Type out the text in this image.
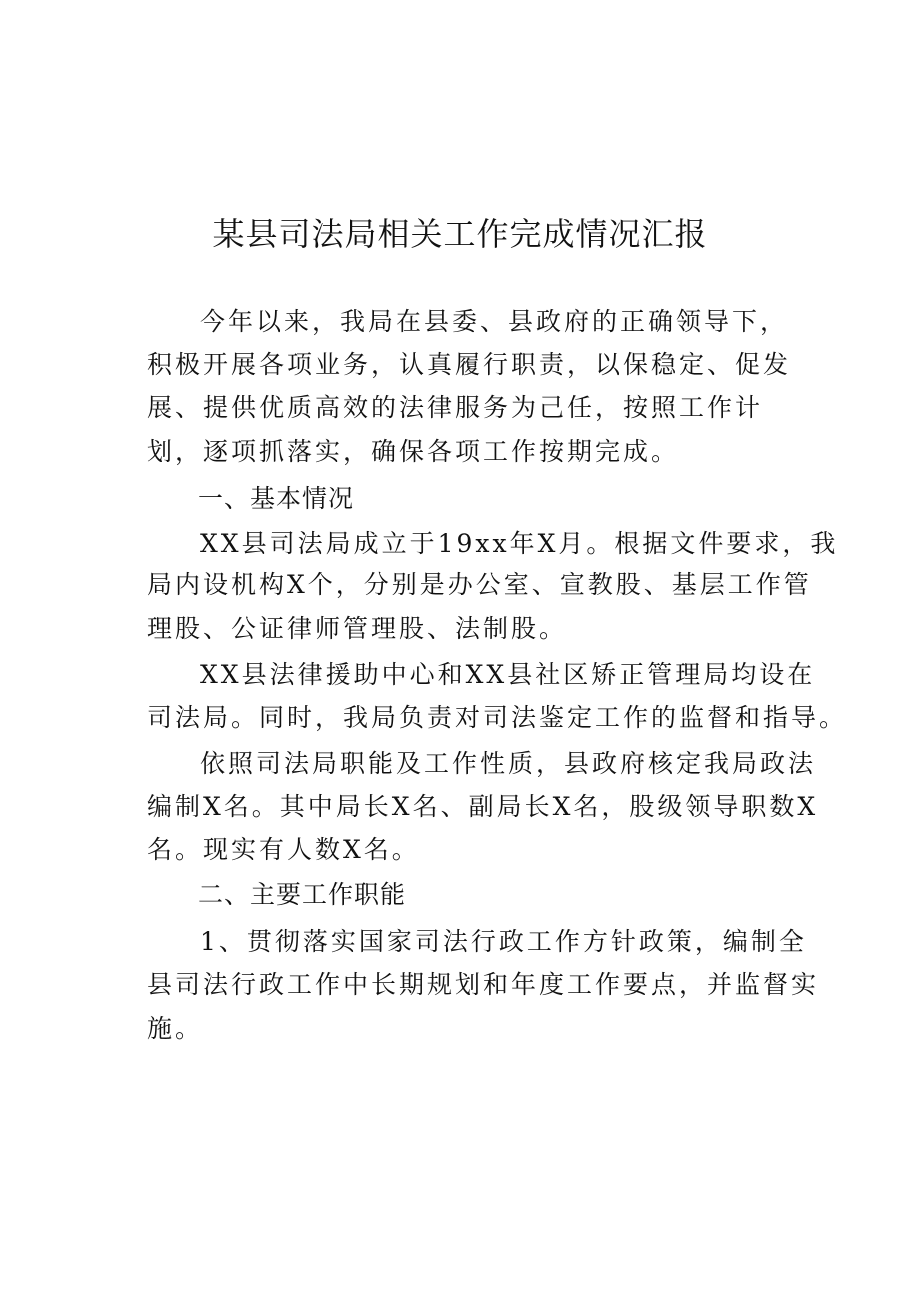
某县司法局相关工作完成情况汇报

今年以来，我局在县委、县政府的正确领导下，

积极开展各项业务，认真履行职责，以保稳定、促发

展、提供优质高效的法律服务为己任，按照工作计

划，逐项抓落实，确保各项工作按期完成。

一、基本情况

XX县司法局成立于19xx年X月。根据文件要求，我

局内设机构X个，分别是办公室、宣教股、基层工作管

理股、公证律师管理股、法制股。

XX县法律援助中心和XX县社区矫正管理局均设在

司法局。同时，我局负责对司法鉴定工作的监督和指导。

依照司法局职能及工作性质，县政府核定我局政法

编制X名。其中局长X名、副局长X名，股级领导职数X

名。现实有人数X名。

二、主要工作职能

1、贯彻落实国家司法行政工作方针政策，编制全

县司法行政工作中长期规划和年度工作要点，并监督实

施。
